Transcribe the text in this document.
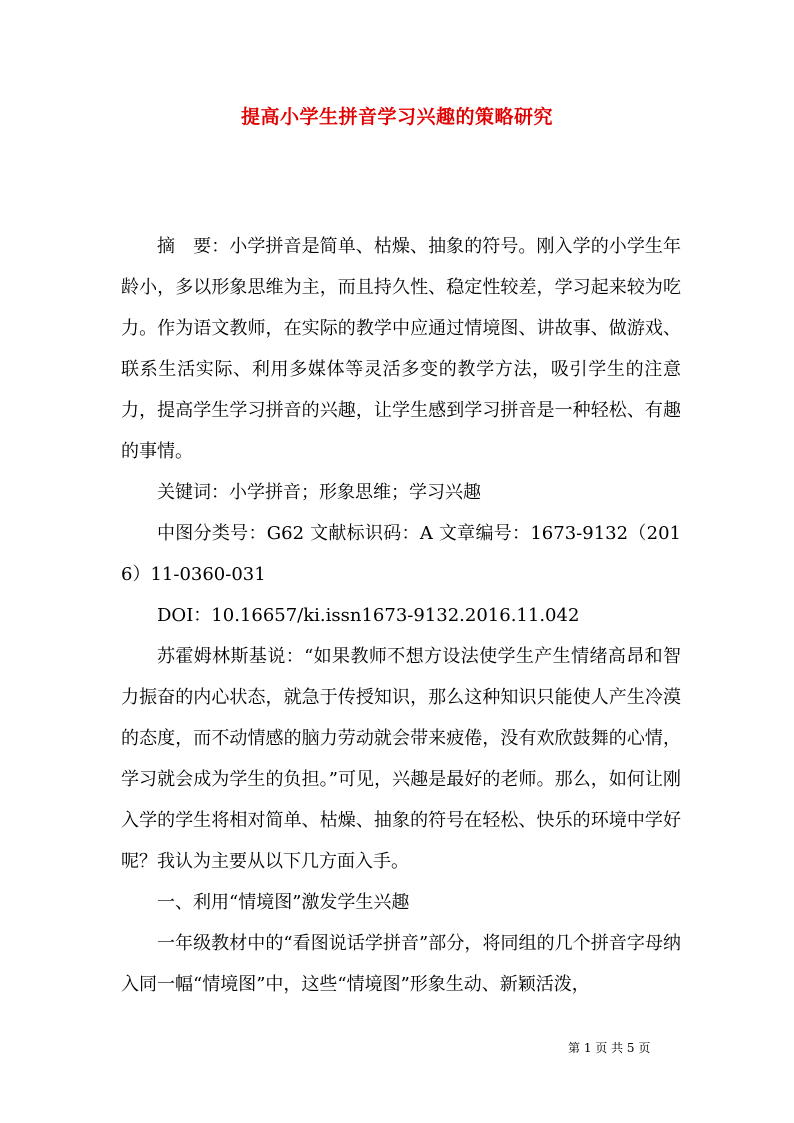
提高小学生拼音学习兴趣的策略研究

摘　要：小学拼音是简单、枯燥、抽象的符号。刚入学的小学生年龄小，多以形象思维为主，而且持久性、稳定性较差，学习起来较为吃力。作为语文教师，在实际的教学中应通过情境图、讲故事、做游戏、联系生活实际、利用多媒体等灵活多变的教学方法，吸引学生的注意力，提高学生学习拼音的兴趣，让学生感到学习拼音是一种轻松、有趣的事情。

关键词：小学拼音；形象思维；学习兴趣

中图分类号：G62 文献标识码：A 文章编号：1673-9132（2016）11-0360-031

DOI：10.16657/ki.issn1673-9132.2016.11.042

苏霍姆林斯基说：“如果教师不想方设法使学生产生情绪高昂和智力振奋的内心状态，就急于传授知识，那么这种知识只能使人产生冷漠的态度，而不动情感的脑力劳动就会带来疲倦，没有欢欣鼓舞的心情，学习就会成为学生的负担。”可见，兴趣是最好的老师。那么，如何让刚入学的学生将相对简单、枯燥、抽象的符号在轻松、快乐的环境中学好呢？我认为主要从以下几方面入手。

一、利用“情境图”激发学生兴趣

一年级教材中的“看图说话学拼音”部分，将同组的几个拼音字母纳入同一幅“情境图”中，这些“情境图”形象生动、新颖活泼，

第 1 页 共 5 页
